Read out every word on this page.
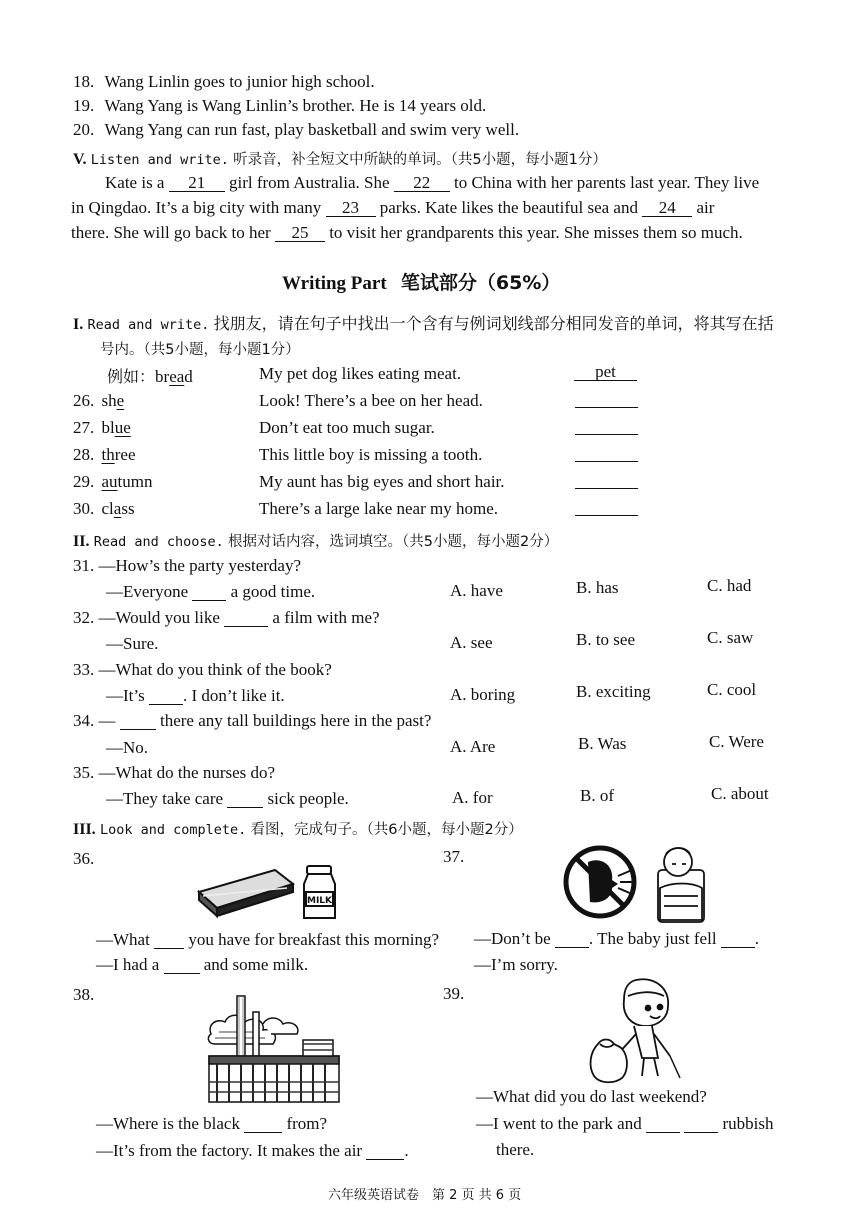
18. Wang Linlin goes to junior high school.
19. Wang Yang is Wang Linlin’s brother. He is 14 years old.
20. Wang Yang can run fast, play basketball and swim very well.
V. Listen and write. 听录音，补全短文中所缺的单词。（共5小题，每小题1分）
Kate is a 21 girl from Australia. She 22 to China with her parents last year. They live
in Qingdao. It’s a big city with many 23 parks. Kate likes the beautiful sea and 24 air
there. She will go back to her 25 to visit her grandparents this year. She misses them so much.
Writing Part 笔试部分（65%）
I. Read and write. 找朋友，请在句子中找出一个含有与例词划线部分相同发音的单词，将其写在括
号内。（共5小题，每小题1分）
例如：bread	My pet dog likes eating meat.	pet
26. she	Look! There’s a bee on her head.

27. blue	Don’t eat too much sugar.

28. three	This little boy is missing a tooth.

29. autumn	My aunt has big eyes and short hair.

30. class	There’s a large lake near my home.

II. Read and choose. 根据对话内容，选词填空。（共5小题，每小题2分）
31. —How’s the party yesterday?
—Everyone	a good time.	A. have	B. has	C. had
32. —Would you like	a film with me?
—Sure.	A. see	B. to see	C. saw
33. —What do you think of the book?
—It’s . I don’t like it.	A. boring	B. exciting	C. cool
34. —	there any tall buildings here in the past?
—No.	A. Are	B. Was	C. Were
35. —What do the nurses do?
—They take care	sick people.	A. for	B. of	C. about
III. Look and complete. 看图，完成句子。（共6小题，每小题2分）
36.
MILK
—What you have for breakfast this morning?
—I had a	and some milk.
37.
—Don’t be . The baby just fell .
—I’m sorry.
38.
—Where is the black	from?
—It’s from the factory. It makes the air .
39.
—What did you do last weekend?
—I went to the park and	rubbish
there.
六年级英语试卷　第 2 页 共 6 页
